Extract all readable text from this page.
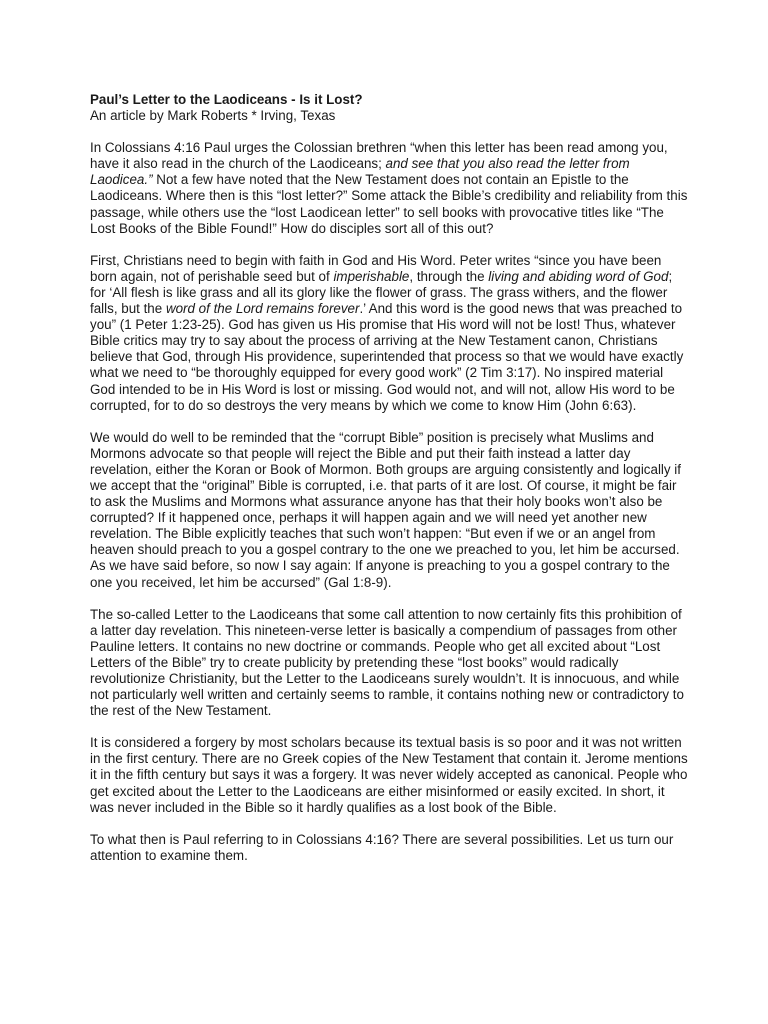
Paul’s Letter to the Laodiceans - Is it Lost?

An article by Mark Roberts * Irving, Texas

In Colossians 4:16 Paul urges the Colossian brethren “when this letter has been read among you, have it also read in the church of the Laodiceans; and see that you also read the letter from Laodicea.” Not a few have noted that the New Testament does not contain an Epistle to the Laodiceans. Where then is this “lost letter?” Some attack the Bible’s credibility and reliability from this passage, while others use the “lost Laodicean letter” to sell books with provocative titles like “The Lost Books of the Bible Found!” How do disciples sort all of this out?

First, Christians need to begin with faith in God and His Word. Peter writes “since you have been born again, not of perishable seed but of imperishable, through the living and abiding word of God; for ‘All flesh is like grass and all its glory like the flower of grass. The grass withers, and the flower falls, but the word of the Lord remains forever.’ And this word is the good news that was preached to you” (1 Peter 1:23-25). God has given us His promise that His word will not be lost! Thus, whatever Bible critics may try to say about the process of arriving at the New Testament canon, Christians believe that God, through His providence, superintended that process so that we would have exactly what we need to “be thoroughly equipped for every good work” (2 Tim 3:17). No inspired material God intended to be in His Word is lost or missing. God would not, and will not, allow His word to be corrupted, for to do so destroys the very means by which we come to know Him (John 6:63).

We would do well to be reminded that the “corrupt Bible” position is precisely what Muslims and Mormons advocate so that people will reject the Bible and put their faith instead a latter day revelation, either the Koran or Book of Mormon. Both groups are arguing consistently and logically if we accept that the “original” Bible is corrupted, i.e. that parts of it are lost. Of course, it might be fair to ask the Muslims and Mormons what assurance anyone has that their holy books won’t also be corrupted? If it happened once, perhaps it will happen again and we will need yet another new revelation. The Bible explicitly teaches that such won’t happen: “But even if we or an angel from heaven should preach to you a gospel contrary to the one we preached to you, let him be accursed. As we have said before, so now I say again: If anyone is preaching to you a gospel contrary to the one you received, let him be accursed” (Gal 1:8-9).

The so-called Letter to the Laodiceans that some call attention to now certainly fits this prohibition of a latter day revelation. This nineteen-verse letter is basically a compendium of passages from other Pauline letters. It contains no new doctrine or commands. People who get all excited about “Lost Letters of the Bible” try to create publicity by pretending these “lost books” would radically revolutionize Christianity, but the Letter to the Laodiceans surely wouldn’t. It is innocuous, and while not particularly well written and certainly seems to ramble, it contains nothing new or contradictory to the rest of the New Testament.

It is considered a forgery by most scholars because its textual basis is so poor and it was not written in the first century. There are no Greek copies of the New Testament that contain it. Jerome mentions it in the fifth century but says it was a forgery. It was never widely accepted as canonical. People who get excited about the Letter to the Laodiceans are either misinformed or easily excited. In short, it was never included in the Bible so it hardly qualifies as a lost book of the Bible.

To what then is Paul referring to in Colossians 4:16? There are several possibilities. Let us turn our attention to examine them.
